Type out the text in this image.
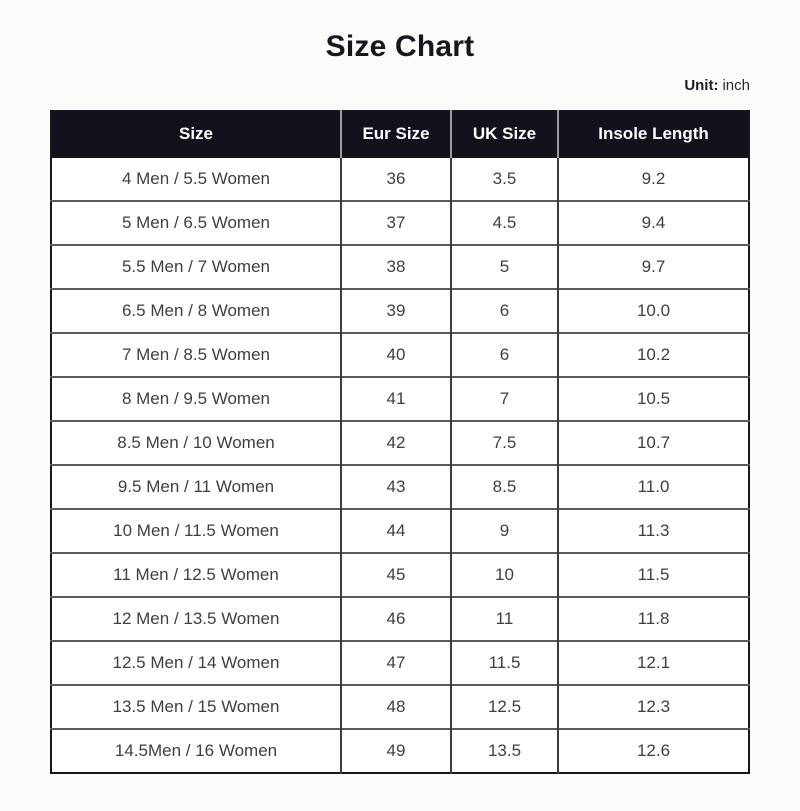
Size Chart
Unit: inch
Size	Eur Size	UK Size	Insole Length
4 Men / 5.5 Women	36	3.5	9.2
5 Men / 6.5 Women	37	4.5	9.4
5.5 Men / 7 Women	38	5	9.7
6.5 Men / 8 Women	39	6	10.0
7 Men / 8.5 Women	40	6	10.2
8 Men / 9.5 Women	41	7	10.5
8.5 Men / 10 Women	42	7.5	10.7
9.5 Men / 11 Women	43	8.5	11.0
10 Men / 11.5 Women	44	9	11.3
11 Men / 12.5 Women	45	10	11.5
12 Men / 13.5 Women	46	11	11.8
12.5 Men / 14 Women	47	11.5	12.1
13.5 Men / 15 Women	48	12.5	12.3
14.5Men / 16 Women	49	13.5	12.6
